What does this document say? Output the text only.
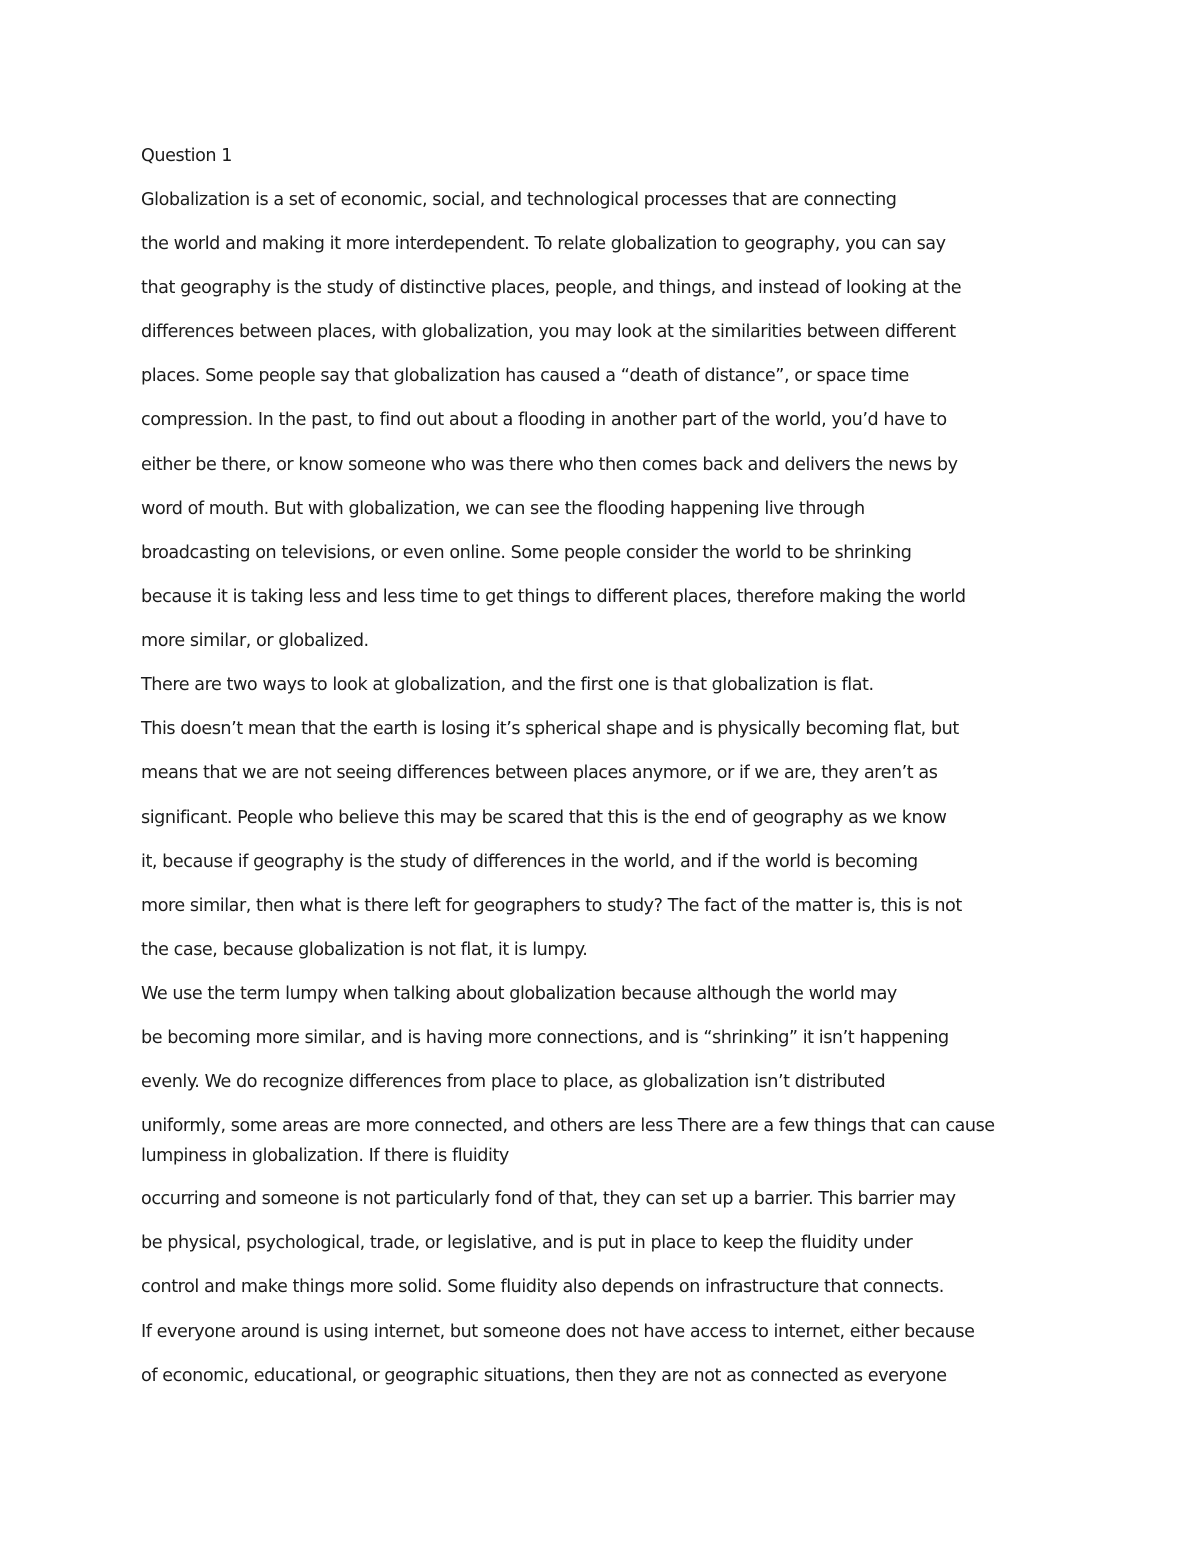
Question 1
Globalization is a set of economic, social, and technological processes that are connecting
the world and making it more interdependent. To relate globalization to geography, you can say
that geography is the study of distinctive places, people, and things, and instead of looking at the
differences between places, with globalization, you may look at the similarities between different
places. Some people say that globalization has caused a “death of distance”, or space time
compression. In the past, to find out about a flooding in another part of the world, you’d have to
either be there, or know someone who was there who then comes back and delivers the news by
word of mouth. But with globalization, we can see the flooding happening live through
broadcasting on televisions, or even online. Some people consider the world to be shrinking
because it is taking less and less time to get things to different places, therefore making the world
more similar, or globalized.
There are two ways to look at globalization, and the first one is that globalization is flat.
This doesn’t mean that the earth is losing it’s spherical shape and is physically becoming flat, but
means that we are not seeing differences between places anymore, or if we are, they aren’t as
significant. People who believe this may be scared that this is the end of geography as we know
it, because if geography is the study of differences in the world, and if the world is becoming
more similar, then what is there left for geographers to study? The fact of the matter is, this is not
the case, because globalization is not flat, it is lumpy.
We use the term lumpy when talking about globalization because although the world may
be becoming more similar, and is having more connections, and is “shrinking” it isn’t happening
evenly. We do recognize differences from place to place, as globalization isn’t distributed
uniformly, some areas are more connected, and others are less There are a few things that can cause
lumpiness in globalization. If there is fluidity
occurring and someone is not particularly fond of that, they can set up a barrier. This barrier may
be physical, psychological, trade, or legislative, and is put in place to keep the fluidity under
control and make things more solid. Some fluidity also depends on infrastructure that connects.
If everyone around is using internet, but someone does not have access to internet, either because
of economic, educational, or geographic situations, then they are not as connected as everyone
